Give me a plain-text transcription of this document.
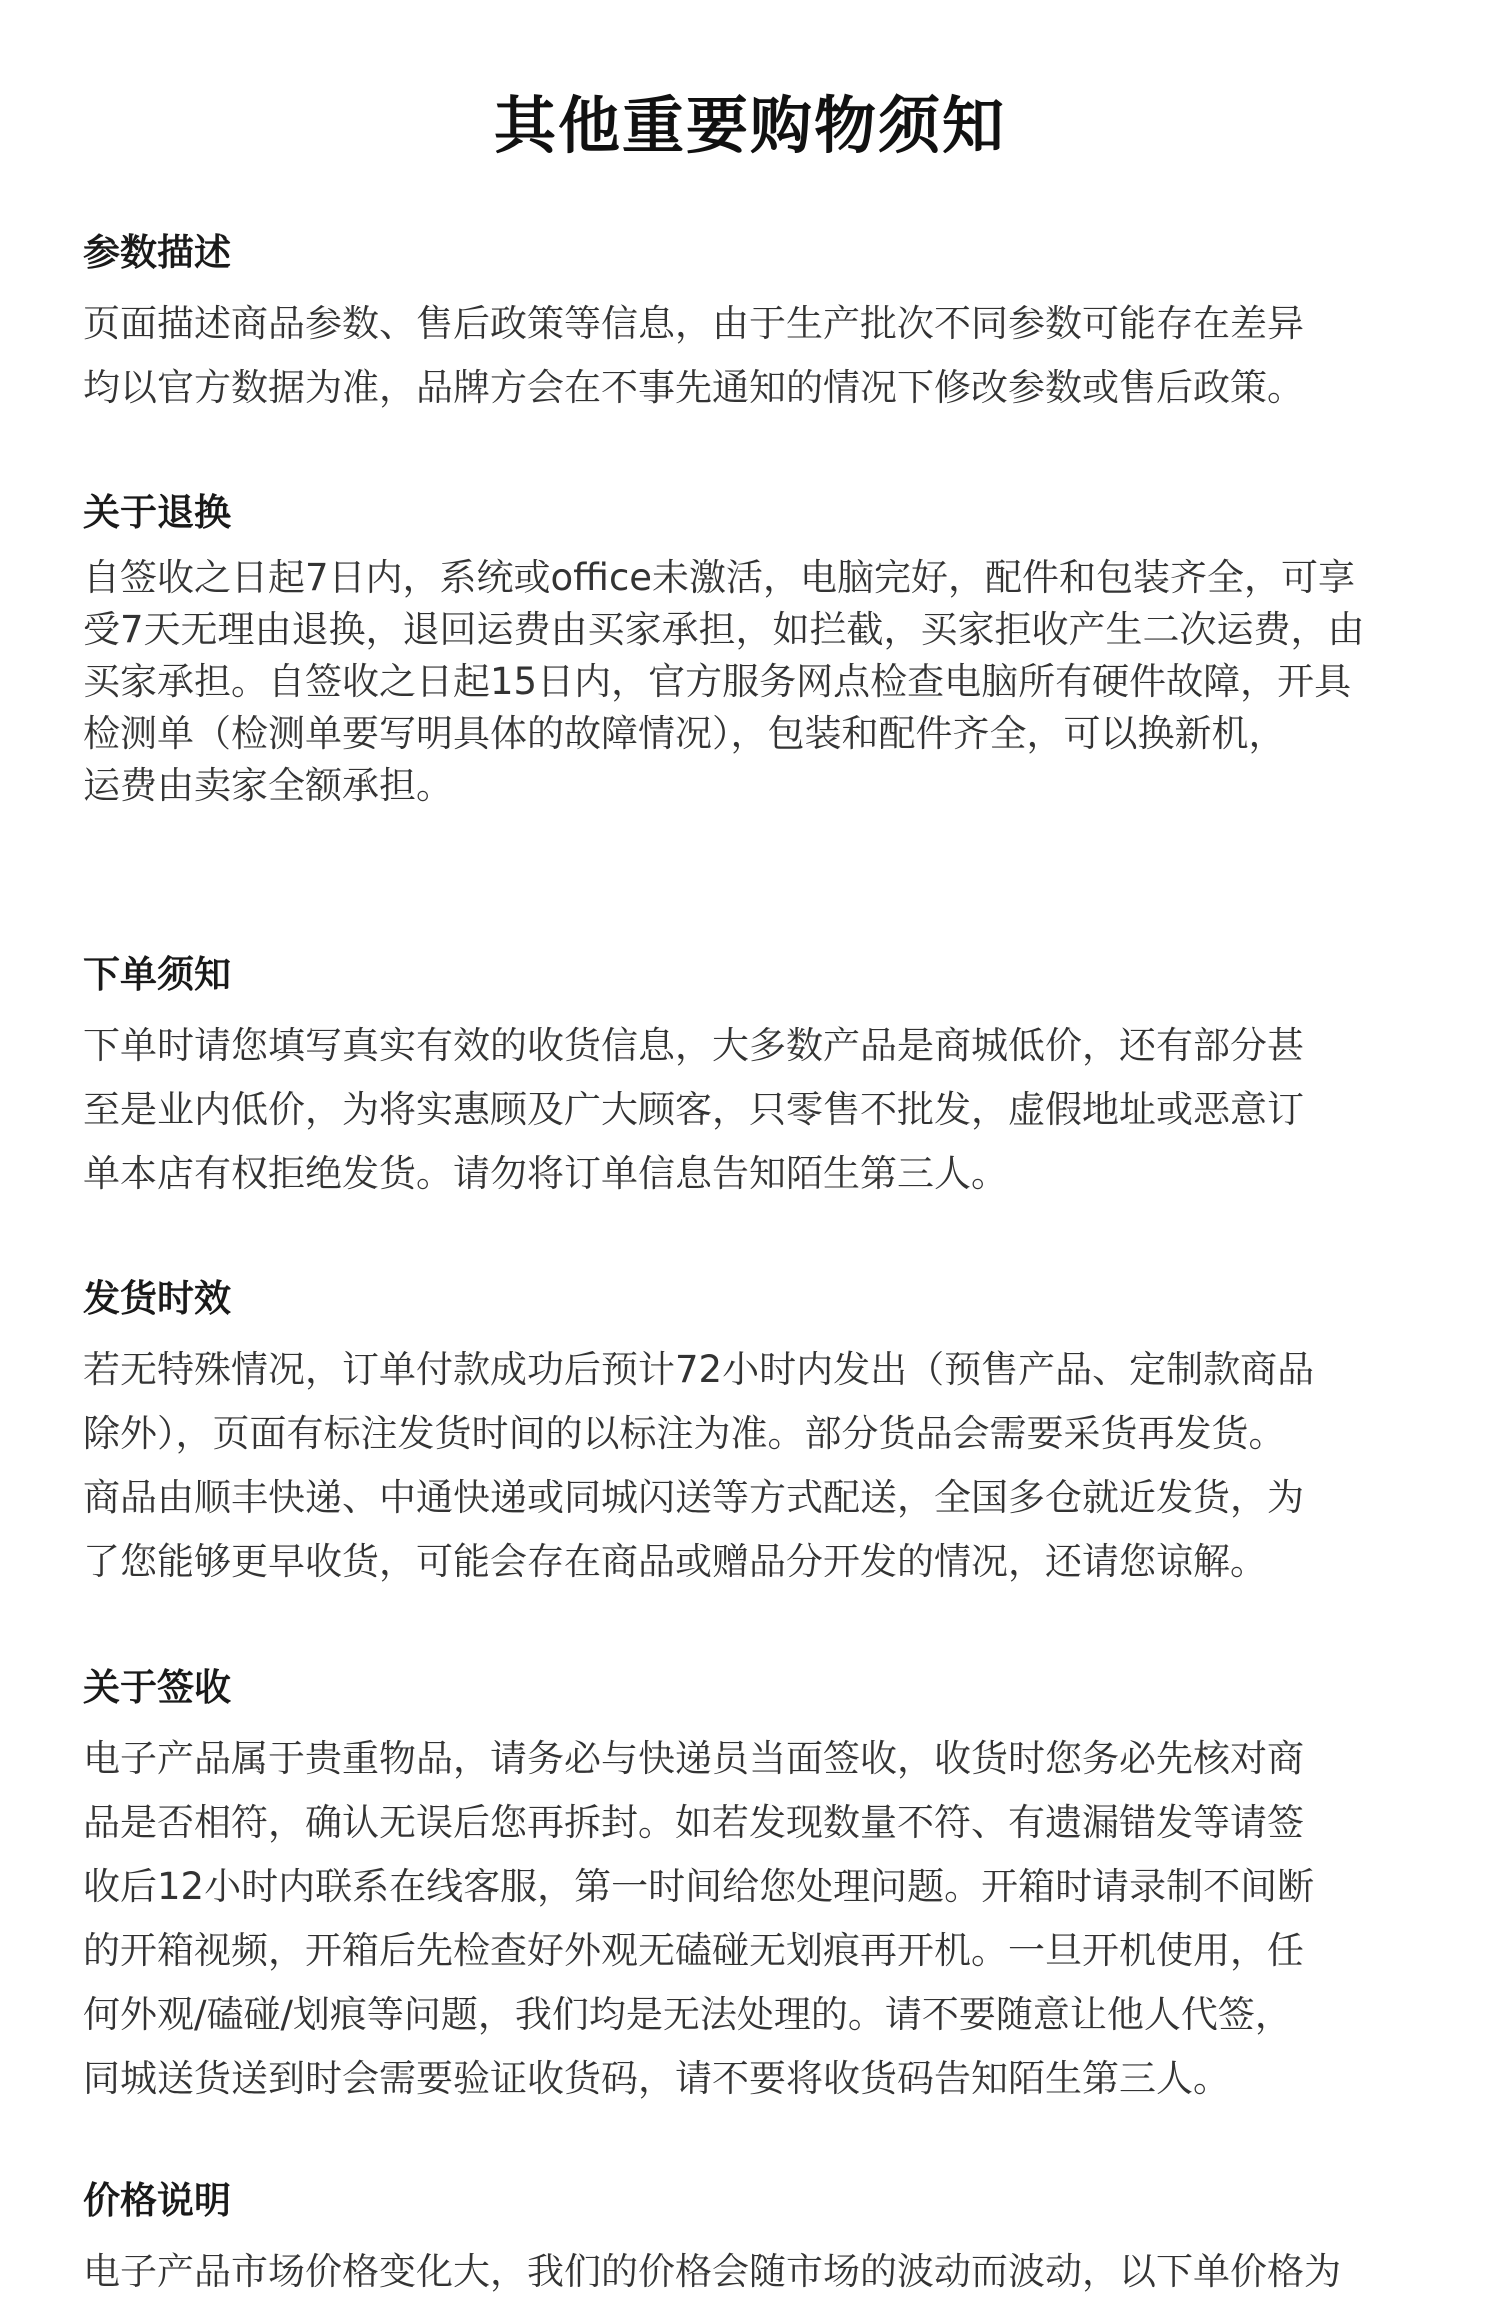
其他重要购物须知
参数描述

页面描述商品参数、售后政策等信息，由于生产批次不同参数可能存在差异
均以官方数据为准，品牌方会在不事先通知的情况下修改参数或售后政策。

关于退换

自签收之日起7日内，系统或office未激活，电脑完好，配件和包装齐全，可享
受7天无理由退换，退回运费由买家承担，如拦截，买家拒收产生二次运费，由
买家承担。自签收之日起15日内，官方服务网点检查电脑所有硬件故障，开具
检测单（检测单要写明具体的故障情况），包装和配件齐全，可以换新机，
运费由卖家全额承担。

下单须知

下单时请您填写真实有效的收货信息，大多数产品是商城低价，还有部分甚
至是业内低价，为将实惠顾及广大顾客，只零售不批发，虚假地址或恶意订
单本店有权拒绝发货。请勿将订单信息告知陌生第三人。

发货时效

若无特殊情况，订单付款成功后预计72小时内发出（预售产品、定制款商品
除外），页面有标注发货时间的以标注为准。部分货品会需要采货再发货。
商品由顺丰快递、中通快递或同城闪送等方式配送，全国多仓就近发货，为
了您能够更早收货，可能会存在商品或赠品分开发的情况，还请您谅解。

关于签收

电子产品属于贵重物品，请务必与快递员当面签收，收货时您务必先核对商
品是否相符，确认无误后您再拆封。如若发现数量不符、有遗漏错发等请签
收后12小时内联系在线客服，第一时间给您处理问题。开箱时请录制不间断
的开箱视频，开箱后先检查好外观无磕碰无划痕再开机。一旦开机使用，任
何外观/磕碰/划痕等问题，我们均是无法处理的。请不要随意让他人代签，
同城送货送到时会需要验证收货码，请不要将收货码告知陌生第三人。

价格说明

电子产品市场价格变化大，我们的价格会随市场的波动而波动，以下单价格为
